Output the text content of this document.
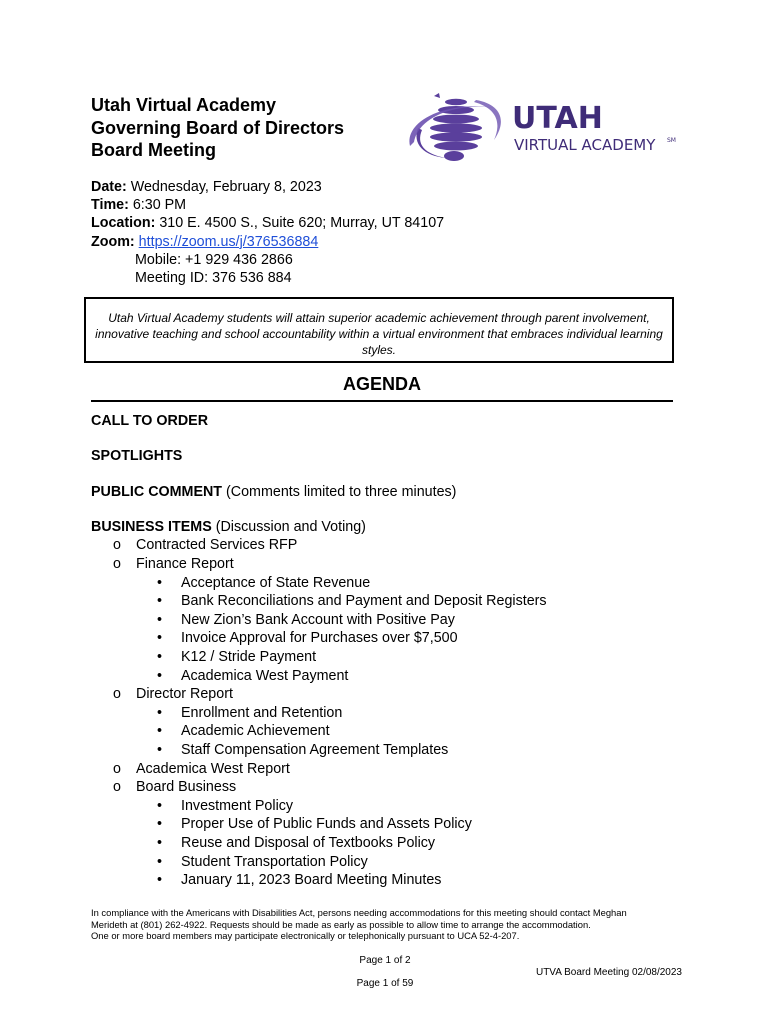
Utah Virtual Academy
Governing Board of Directors
Board Meeting
UTAH
VIRTUAL ACADEMY SM
Date: Wednesday, February 8, 2023
Time: 6:30 PM
Location: 310 E. 4500 S., Suite 620; Murray, UT 84107
Zoom: https://zoom.us/j/376536884
Mobile: +1 929 436 2866
Meeting ID: 376 536 884
Utah Virtual Academy students will attain superior academic achievement through parent involvement, innovative teaching and school accountability within a virtual environment that embraces individual learning styles.
AGENDA
CALL TO ORDER
SPOTLIGHTS
PUBLIC COMMENT (Comments limited to three minutes)
BUSINESS ITEMS (Discussion and Voting)
o Contracted Services RFP
o Finance Report
• Acceptance of State Revenue
• Bank Reconciliations and Payment and Deposit Registers
• New Zion’s Bank Account with Positive Pay
• Invoice Approval for Purchases over $7,500
• K12 / Stride Payment
• Academica West Payment
o Director Report
• Enrollment and Retention
• Academic Achievement
• Staff Compensation Agreement Templates
o Academica West Report
o Board Business
• Investment Policy
• Proper Use of Public Funds and Assets Policy
• Reuse and Disposal of Textbooks Policy
• Student Transportation Policy
• January 11, 2023 Board Meeting Minutes
In compliance with the Americans with Disabilities Act, persons needing accommodations for this meeting should contact Meghan
Merideth at (801) 262-4922. Requests should be made as early as possible to allow time to arrange the accommodation.
One or more board members may participate electronically or telephonically pursuant to UCA 52-4-207.
Page 1 of 2
UTVA Board Meeting 02/08/2023
Page 1 of 59
